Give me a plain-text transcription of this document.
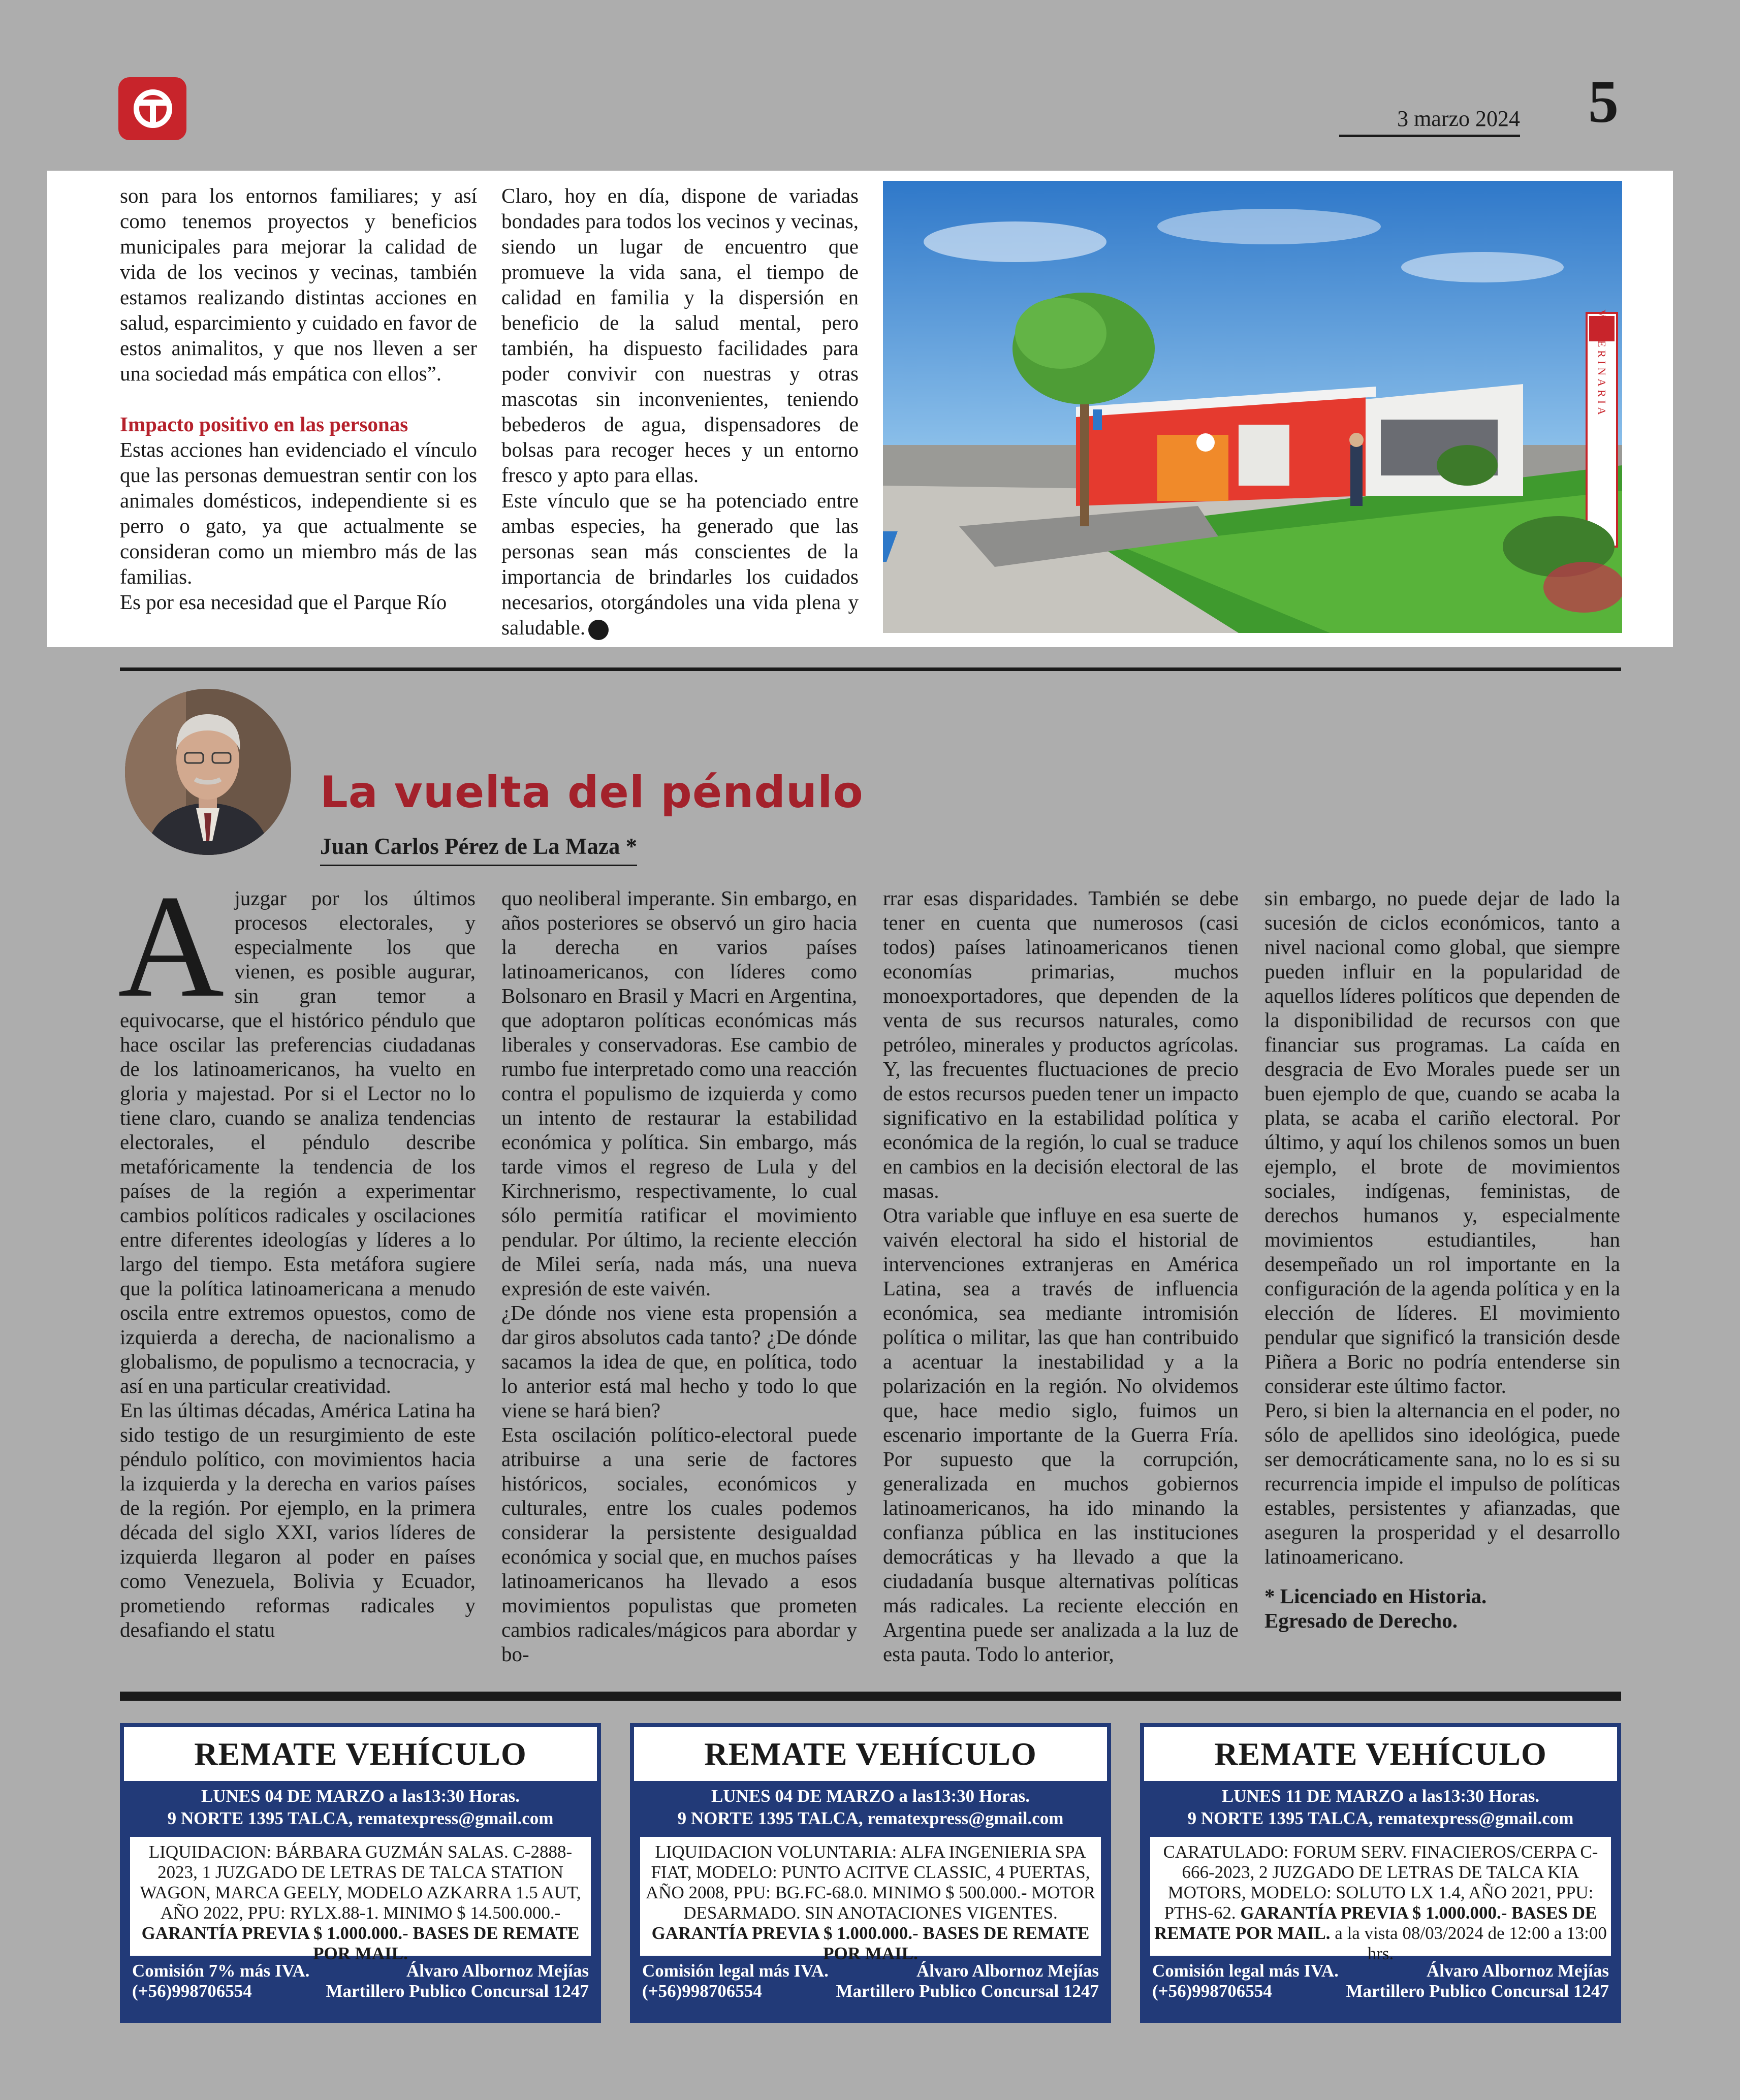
3 marzo 2024 5

son para los entornos familiares; y así como tenemos proyectos y beneficios municipales para mejorar la calidad de vida de los vecinos y vecinas, también estamos realizando distintas acciones en salud, esparcimiento y cuidado en favor de estos animalitos, y que nos lleven a ser una sociedad más empática con ellos”.

Impacto positivo en las personas

Estas acciones han evidenciado el vínculo que las personas demuestran sentir con los animales domésticos, independiente si es perro o gato, ya que actualmente se consideran como un miembro más de las familias.

Es por esa necesidad que el Parque Río

Claro, hoy en día, dispone de variadas bondades para todos los vecinos y vecinas, siendo un lugar de encuentro que promueve la vida sana, el tiempo de calidad en familia y la dispersión en beneficio de la salud mental, pero también, ha dispuesto facilidades para poder convivir con nuestras y otras mascotas sin inconvenientes, teniendo bebederos de agua, dispensadores de bolsas para recoger heces y un entorno fresco y apto para ellas.

Este vínculo que se ha potenciado entre ambas especies, ha generado que las personas sean más conscientes de la importancia de brindarles los cuidados necesarios, otorgándoles una vida plena y saludable.

VETERINARIA
La vuelta del péndulo
Juan Carlos Pérez de La Maza *
A juzgar por los últimos procesos electorales, y especialmente los que vienen, es posible augurar, sin gran temor a equivocarse, que el histórico péndulo que hace oscilar las preferencias ciudadanas de los latinoamericanos, ha vuelto en gloria y majestad. Por si el Lector no lo tiene claro, cuando se analiza tendencias electorales, el péndulo describe metafóricamente la tendencia de los países de la región a experimentar cambios políticos radicales y oscilaciones entre diferentes ideologías y líderes a lo largo del tiempo. Esta metáfora sugiere que la política latinoamericana a menudo oscila entre extremos opuestos, como de izquierda a derecha, de nacionalismo a globalismo, de populismo a tecnocracia, y así en una particular creatividad.

En las últimas décadas, América Latina ha sido testigo de un resurgimiento de este péndulo político, con movimientos hacia la izquierda y la derecha en varios países de la región. Por ejemplo, en la primera década del siglo XXI, varios líderes de izquierda llegaron al poder en países como Venezuela, Bolivia y Ecuador, prometiendo reformas radicales y desafiando el statu

quo neoliberal imperante. Sin embargo, en años posteriores se observó un giro hacia la derecha en varios países latinoamericanos, con líderes como Bolsonaro en Brasil y Macri en Argentina, que adoptaron políticas económicas más liberales y conservadoras. Ese cambio de rumbo fue interpretado como una reacción contra el populismo de izquierda y como un intento de restaurar la estabilidad económica y política. Sin embargo, más tarde vimos el regreso de Lula y del Kirchnerismo, respectivamente, lo cual sólo permitía ratificar el movimiento pendular. Por último, la reciente elección de Milei sería, nada más, una nueva expresión de este vaivén.

¿De dónde nos viene esta propensión a dar giros absolutos cada tanto? ¿De dónde sacamos la idea de que, en política, todo lo anterior está mal hecho y todo lo que viene se hará bien?

Esta oscilación político-electoral puede atribuirse a una serie de factores históricos, sociales, económicos y culturales, entre los cuales podemos considerar la persistente desigualdad económica y social que, en muchos países latinoamericanos ha llevado a esos movimientos populistas que prometen cambios radicales/mágicos para abordar y bo-

rrar esas disparidades. También se debe tener en cuenta que numerosos (casi todos) países latinoamericanos tienen economías primarias, muchos monoexportadores, que dependen de la venta de sus recursos naturales, como petróleo, minerales y productos agrícolas. Y, las frecuentes fluctuaciones de precio de estos recursos pueden tener un impacto significativo en la estabilidad política y económica de la región, lo cual se traduce en cambios en la decisión electoral de las masas.

Otra variable que influye en esa suerte de vaivén electoral ha sido el historial de intervenciones extranjeras en América Latina, sea a través de influencia económica, sea mediante intromisión política o militar, las que han contribuido a acentuar la inestabilidad y a la polarización en la región. No olvidemos que, hace medio siglo, fuimos un escenario importante de la Guerra Fría. Por supuesto que la corrupción, generalizada en muchos gobiernos latinoamericanos, ha ido minando la confianza pública en las instituciones democráticas y ha llevado a que la ciudadanía busque alternativas políticas más radicales. La reciente elección en Argentina puede ser analizada a la luz de esta pauta. Todo lo anterior,

sin embargo, no puede dejar de lado la sucesión de ciclos económicos, tanto a nivel nacional como global, que siempre pueden influir en la popularidad de aquellos líderes políticos que dependen de la disponibilidad de recursos con que financiar sus programas. La caída en desgracia de Evo Morales puede ser un buen ejemplo de que, cuando se acaba la plata, se acaba el cariño electoral. Por último, y aquí los chilenos somos un buen ejemplo, el brote de movimientos sociales, indígenas, feministas, de derechos humanos y, especialmente movimientos estudiantiles, han desempeñado un rol importante en la configuración de la agenda política y en la elección de líderes. El movimiento pendular que significó la transición desde Piñera a Boric no podría entenderse sin considerar este último factor.

Pero, si bien la alternancia en el poder, no sólo de apellidos sino ideológica, puede ser democráticamente sana, no lo es si su recurrencia impide el impulso de políticas estables, persistentes y afianzadas, que aseguren la prosperidad y el desarrollo latinoamericano.

* Licenciado en Historia.

Egresado de Derecho.

REMATE VEHÍCULO
LUNES 04 DE MARZO a las13:30 Horas.
9 NORTE 1395 TALCA, rematexpress@gmail.com
LIQUIDACION: BÁRBARA GUZMÁN SALAS. C-2888-2023, 1 JUZGADO DE LETRAS DE TALCA STATION WAGON, MARCA GEELY, MODELO AZKARRA 1.5 AUT, AÑO 2022, PPU: RYLX.88-1. MINIMO $ 14.500.000.- GARANTÍA PREVIA $ 1.000.000.- BASES DE REMATE POR MAIL.
Comisión 7% más IVA.	Álvaro Albornoz Mejías
(+56)998706554	Martillero Publico Concursal 1247
REMATE VEHÍCULO
LUNES 04 DE MARZO a las13:30 Horas.
9 NORTE 1395 TALCA, rematexpress@gmail.com
LIQUIDACION VOLUNTARIA: ALFA INGENIERIA SPA FIAT, MODELO: PUNTO ACITVE CLASSIC, 4 PUERTAS, AÑO 2008, PPU: BG.FC-68.0. MINIMO $ 500.000.- MOTOR DESARMADO. SIN ANOTACIONES VIGENTES. GARANTÍA PREVIA $ 1.000.000.- BASES DE REMATE POR MAIL.
Comisión legal más IVA.	Álvaro Albornoz Mejías
(+56)998706554	Martillero Publico Concursal 1247
REMATE VEHÍCULO
LUNES 11 DE MARZO a las13:30 Horas.
9 NORTE 1395 TALCA, rematexpress@gmail.com
CARATULADO: FORUM SERV. FINACIEROS/CERPA C-666-2023, 2 JUZGADO DE LETRAS DE TALCA KIA MOTORS, MODELO: SOLUTO LX 1.4, AÑO 2021, PPU: PTHS-62. GARANTÍA PREVIA $ 1.000.000.- BASES DE REMATE POR MAIL. a la vista 08/03/2024 de 12:00 a 13:00 hrs.
Comisión legal más IVA.	Álvaro Albornoz Mejías
(+56)998706554	Martillero Publico Concursal 1247
